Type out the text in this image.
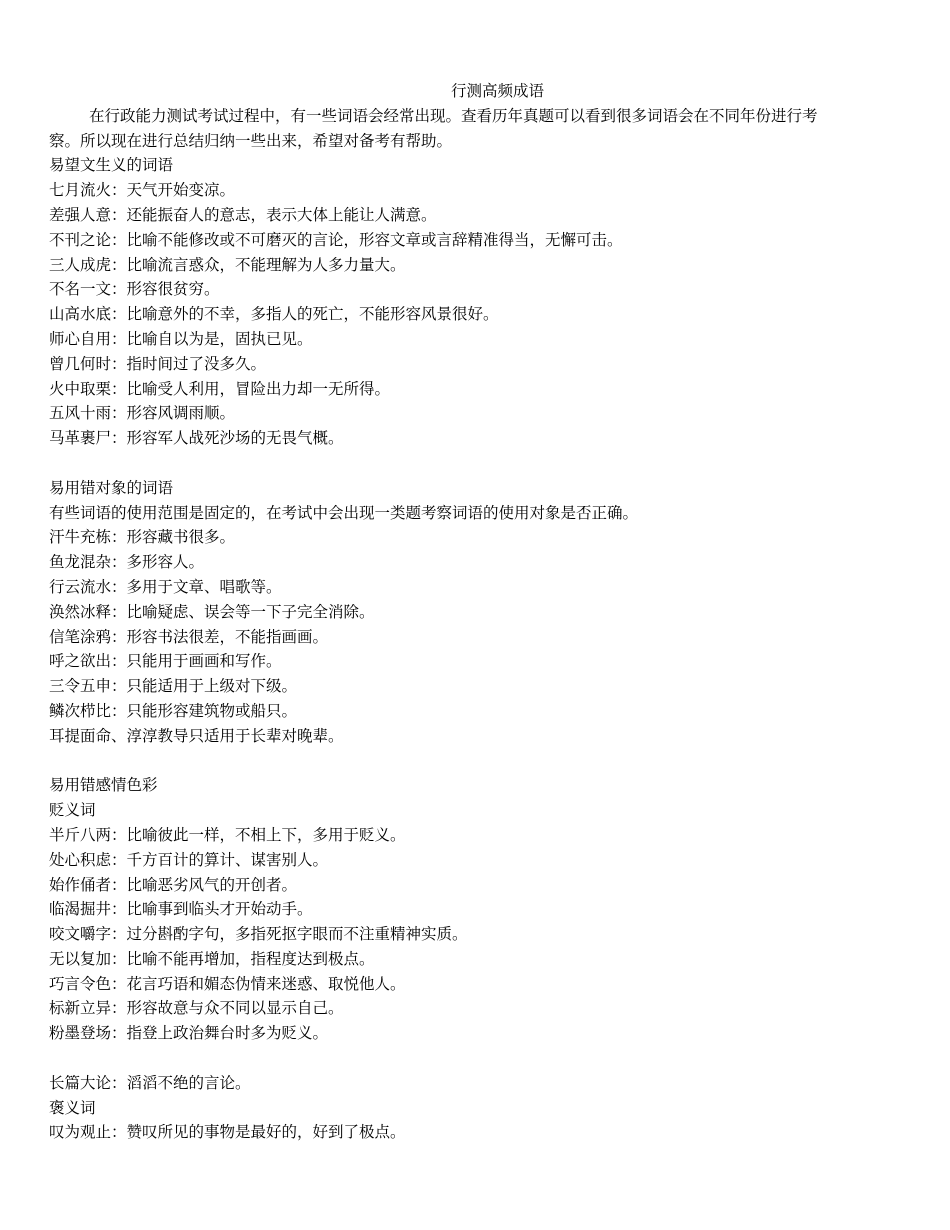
行测高频成语
在行政能力测试考试过程中，有一些词语会经常出现。查看历年真题可以看到很多词语会在不同年份进行考察。所以现在进行总结归纳一些出来，希望对备考有帮助。
易望文生义的词语
七月流火：天气开始变凉。
差强人意：还能振奋人的意志，表示大体上能让人满意。
不刊之论：比喻不能修改或不可磨灭的言论，形容文章或言辞精准得当，无懈可击。
三人成虎：比喻流言惑众，不能理解为人多力量大。
不名一文：形容很贫穷。
山高水底：比喻意外的不幸，多指人的死亡，不能形容风景很好。
师心自用：比喻自以为是，固执已见。
曾几何时：指时间过了没多久。
火中取栗：比喻受人利用，冒险出力却一无所得。
五风十雨：形容风调雨顺。
马革裹尸：形容军人战死沙场的无畏气概。
易用错对象的词语
有些词语的使用范围是固定的，在考试中会出现一类题考察词语的使用对象是否正确。
汗牛充栋：形容藏书很多。
鱼龙混杂：多形容人。
行云流水：多用于文章、唱歌等。
涣然冰释：比喻疑虑、误会等一下子完全消除。
信笔涂鸦：形容书法很差，不能指画画。
呼之欲出：只能用于画画和写作。
三令五申：只能适用于上级对下级。
鳞次栉比：只能形容建筑物或船只。
耳提面命、淳淳教导只适用于长辈对晚辈。
易用错感情色彩
贬义词
半斤八两：比喻彼此一样，不相上下，多用于贬义。
处心积虑：千方百计的算计、谋害别人。
始作俑者：比喻恶劣风气的开创者。
临渴掘井：比喻事到临头才开始动手。
咬文嚼字：过分斟酌字句，多指死抠字眼而不注重精神实质。
无以复加：比喻不能再增加，指程度达到极点。
巧言令色：花言巧语和媚态伪情来迷惑、取悦他人。
标新立异：形容故意与众不同以显示自己。
粉墨登场：指登上政治舞台时多为贬义。
长篇大论：滔滔不绝的言论。
褒义词
叹为观止：赞叹所见的事物是最好的，好到了极点。
